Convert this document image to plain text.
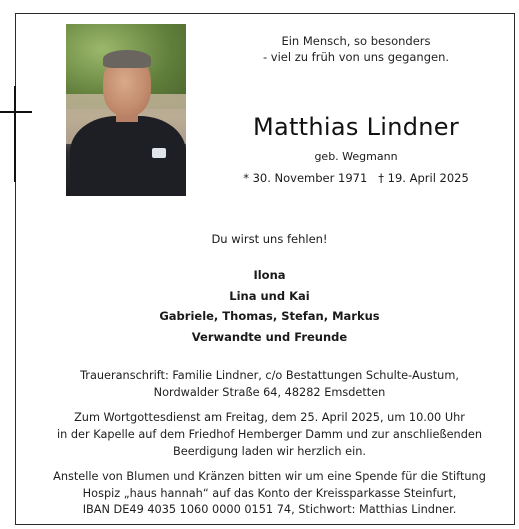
Ein Mensch, so besonders
- viel zu früh von uns gegangen.
Matthias Lindner
geb. Wegmann
* 30. November 1971   † 19. April 2025
Du wirst uns fehlen!
Ilona
Lina und Kai
Gabriele, Thomas, Stefan, Markus
Verwandte und Freunde
Traueranschrift: Familie Lindner, c/o Bestattungen Schulte-Austum,
Nordwalder Straße 64, 48282 Emsdetten
Zum Wortgottesdienst am Freitag, dem 25. April 2025, um 10.00 Uhr
in der Kapelle auf dem Friedhof Hemberger Damm und zur anschließenden
Beerdigung laden wir herzlich ein.
Anstelle von Blumen und Kränzen bitten wir um eine Spende für die Stiftung
Hospiz „haus hannah“ auf das Konto der Kreissparkasse Steinfurt,
IBAN DE49 4035 1060 0000 0151 74, Stichwort: Matthias Lindner.
